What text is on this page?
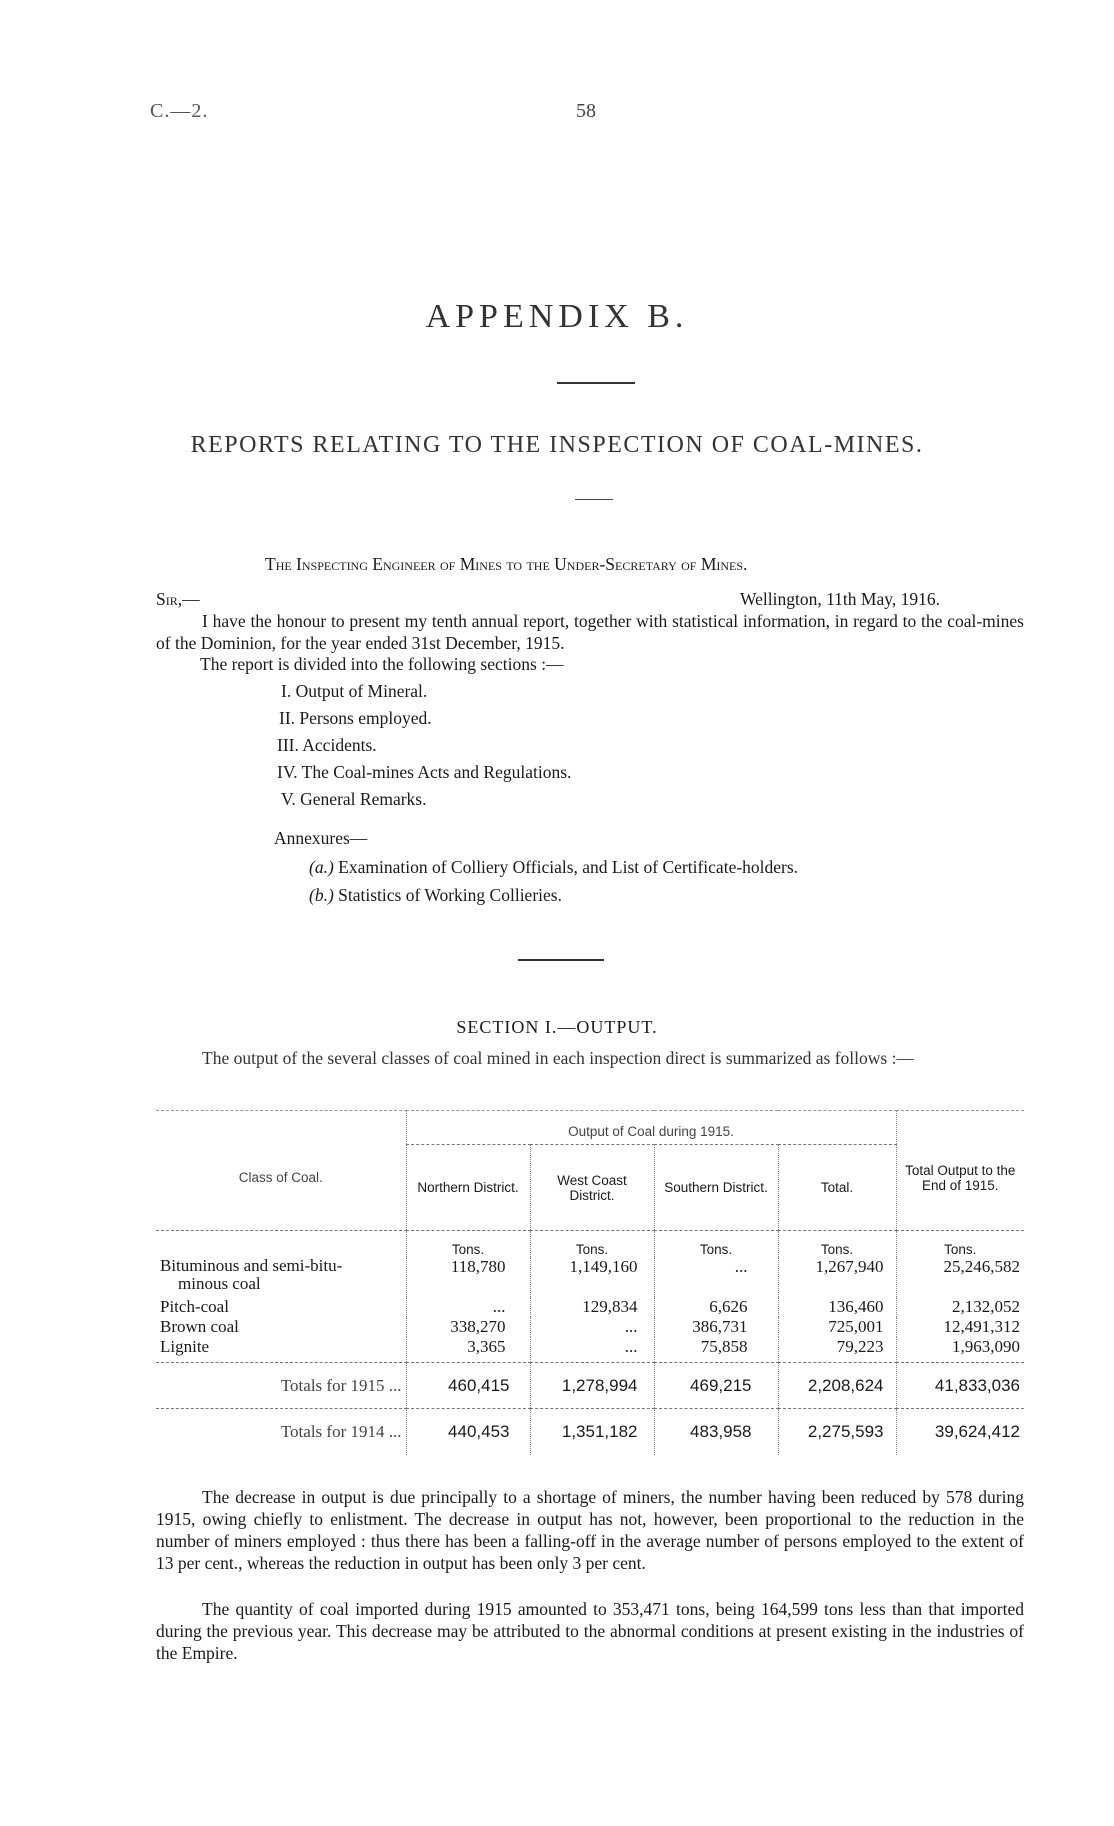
C.—2.	58
APPENDIX B.
REPORTS RELATING TO THE INSPECTION OF COAL-MINES.
The Inspecting Engineer of Mines to the Under-Secretary of Mines.
Sir,—	Wellington, 11th May, 1916.
I have the honour to present my tenth annual report, together with statistical information, in regard to the coal-mines of the Dominion, for the year ended 31st December, 1915.
The report is divided into the following sections :—
I. Output of Mineral.
II. Persons employed.
III. Accidents.
IV. The Coal-mines Acts and Regulations.
V. General Remarks.
Annexures—
(a.) Examination of Colliery Officials, and List of Certificate-holders.
(b.) Statistics of Working Collieries.
SECTION I.—OUTPUT.
The output of the several classes of coal mined in each inspection direct is summarized as follows :—
Class of Coal.	Output of Coal during 1915.				Total Output to the End of 1915.
	Northern District.	West Coast District.	Southern District.	Total.	
	Tons.	Tons.	Tons.	Tons.	Tons.
Bituminous and semi-bitu-
minous coal	118,780	1,149,160	...	1,267,940	25,246,582
Pitch-coal	...	129,834	6,626	136,460	2,132,052
Brown coal	338,270	...	386,731	725,001	12,491,312
Lignite	3,365	...	75,858	79,223	1,963,090
Totals for 1915 ...	460,415	1,278,994	469,215	2,208,624	41,833,036
Totals for 1914 ...	440,453	1,351,182	483,958	2,275,593	39,624,412
The decrease in output is due principally to a shortage of miners, the number having been reduced by 578 during 1915, owing chiefly to enlistment. The decrease in output has not, however, been proportional to the reduction in the number of miners employed : thus there has been a falling-off in the average number of persons employed to the extent of 13 per cent., whereas the reduction in output has been only 3 per cent.
The quantity of coal imported during 1915 amounted to 353,471 tons, being 164,599 tons less than that imported during the previous year. This decrease may be attributed to the abnormal conditions at present existing in the industries of the Empire.
